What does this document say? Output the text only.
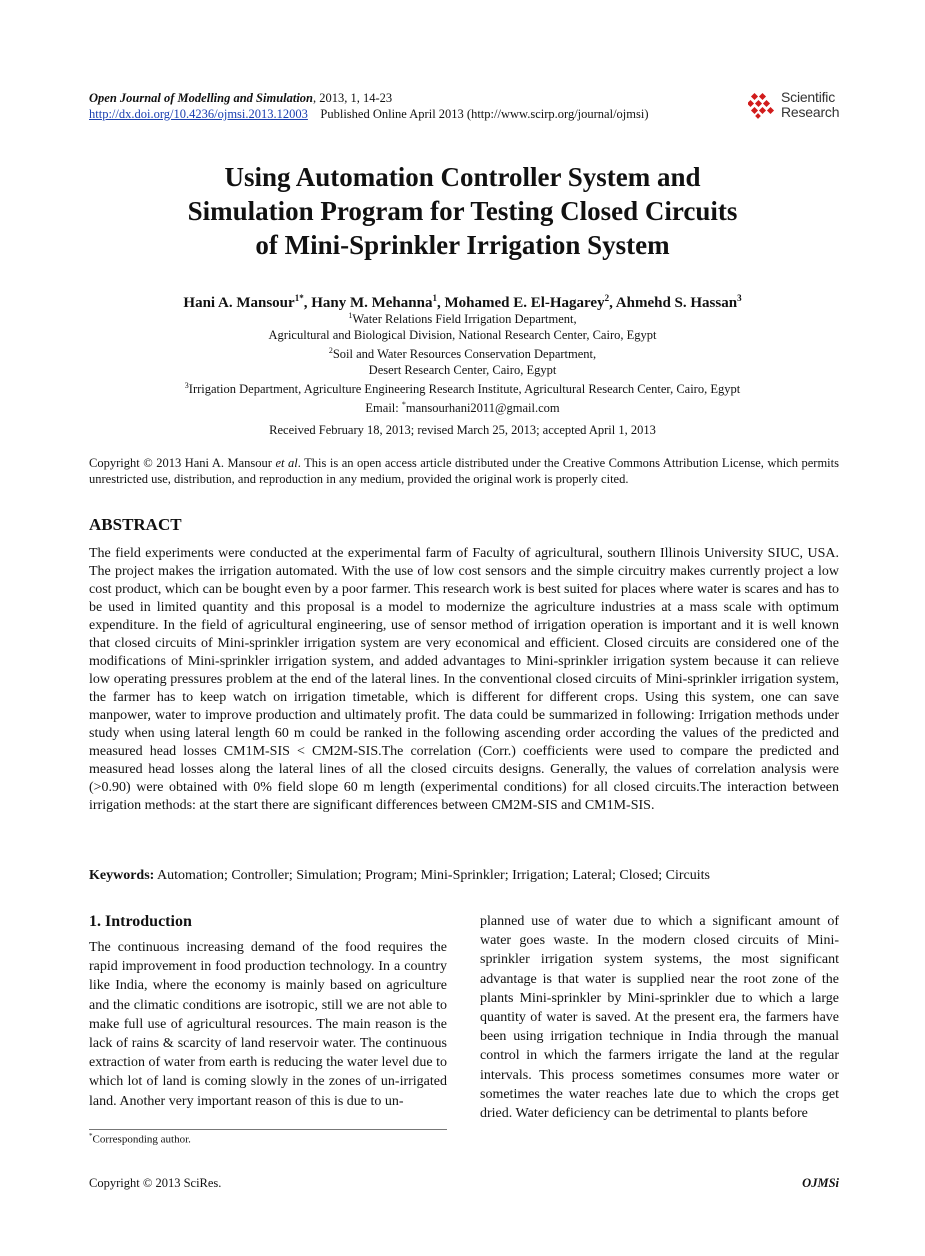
Open Journal of Modelling and Simulation, 2013, 1, 14-23
http://dx.doi.org/10.4236/ojmsi.2013.12003 Published Online April 2013 (http://www.scirp.org/journal/ojmsi)
Scientific
Research
Using Automation Controller System and
Simulation Program for Testing Closed Circuits
of Mini-Sprinkler Irrigation System
Hani A. Mansour$^{1*}$, Hany M. Mehanna$^1$, Mohamed E. El-Hagarey$^2$, Ahmehd S. Hassan$^3$
$^1$Water Relations Field Irrigation Department,
Agricultural and Biological Division, National Research Center, Cairo, Egypt
$^2$Soil and Water Resources Conservation Department,
Desert Research Center, Cairo, Egypt
$^3$Irrigation Department, Agriculture Engineering Research Institute, Agricultural Research Center, Cairo, Egypt
Email: *mansourhani2011@gmail.com
Received February 18, 2013; revised March 25, 2013; accepted April 1, 2013
Copyright © 2013 Hani A. Mansour et al. This is an open access article distributed under the Creative Commons Attribution License, which permits unrestricted use, distribution, and reproduction in any medium, provided the original work is properly cited.
ABSTRACT
The field experiments were conducted at the experimental farm of Faculty of agricultural, southern Illinois University SIUC, USA. The project makes the irrigation automated. With the use of low cost sensors and the simple circuitry makes currently project a low cost product, which can be bought even by a poor farmer. This research work is best suited for places where water is scares and has to be used in limited quantity and this proposal is a model to modernize the agriculture industries at a mass scale with optimum expenditure. In the field of agricultural engineering, use of sensor method of irrigation operation is important and it is well known that closed circuits of Mini-sprinkler irrigation system are very economical and efficient. Closed circuits are considered one of the modifications of Mini-sprinkler irrigation system, and added advantages to Mini-sprinkler irrigation system because it can relieve low operating pressures problem at the end of the lateral lines. In the conventional closed circuits of Mini-sprinkler irrigation system, the farmer has to keep watch on irrigation timetable, which is different for different crops. Using this system, one can save manpower, water to improve production and ultimately profit. The data could be summarized in following: Irrigation methods under study when using lateral length 60 m could be ranked in the following ascending order according the values of the predicted and measured head losses CM1M-SIS < CM2M-SIS.The correlation (Corr.) coefficients were used to compare the predicted and measured head losses along the lateral lines of all the closed circuits designs. Generally, the values of correlation analysis were (>0.90) were obtained with 0% field slope 60 m length (experimental conditions) for all closed circuits.The interaction between irrigation methods: at the start there are significant differences between CM2M-SIS and CM1M-SIS.
Keywords: Automation; Controller; Simulation; Program; Mini-Sprinkler; Irrigation; Lateral; Closed; Circuits
1. Introduction

The continuous increasing demand of the food requires the rapid improvement in food production technology. In a country like India, where the economy is mainly based on agriculture and the climatic conditions are isotropic, still we are not able to make full use of agricultural resources. The main reason is the lack of rains & scarcity of land reservoir water. The continuous extraction of water from earth is reducing the water level due to which lot of land is coming slowly in the zones of un-irrigated land. Another very important reason of this is due to un-

planned use of water due to which a significant amount of water goes waste. In the modern closed circuits of Mini-sprinkler irrigation system systems, the most significant advantage is that water is supplied near the root zone of the plants Mini-sprinkler by Mini-sprinkler due to which a large quantity of water is saved. At the present era, the farmers have been using irrigation technique in India through the manual control in which the farmers irrigate the land at the regular intervals. This process sometimes consumes more water or sometimes the water reaches late due to which the crops get dried. Water deficiency can be detrimental to plants before

*Corresponding author.
Copyright © 2013 SciRes.	OJMSi
